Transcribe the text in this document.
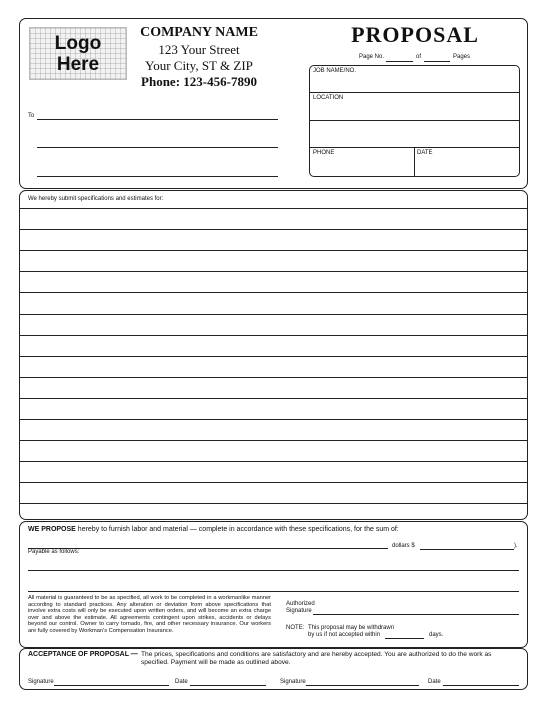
Logo
Here
COMPANY NAME
123 Your Street
Your City, ST & ZIP
Phone: 123-456-7890
To
PROPOSAL
Page No.	of	Pages
JOB NAME/NO.
LOCATION
PHONE	DATE
We hereby submit specifications and estimates for:
WE PROPOSE hereby to furnish labor and material — complete in accordance with these specifications, for the sum of:
dollars $	).
Payable as follows:
All material is guaranteed to be as specified, all work to be completed in a workmanlike manner according to standard practices. Any alteration or deviation from above specifications that involve extra costs will only be executed upon written orders, and will become an extra charge over and above the estimate. All agreements contingent upon strikes, accidents or delays beyond our control. Owner to carry tornado, fire, and other necessary insurance. Our workers are fully covered by Workman's Compensation Insurance.
Authorized
Signature
NOTE: This proposal may be withdrawn
by us if not accepted within	days.
ACCEPTANCE OF PROPOSAL — The prices, specifications and conditions are satisfactory and are hereby accepted. You are authorized to do the work as specified. Payment will be made as outlined above.
Signature	Date	Signature	Date
